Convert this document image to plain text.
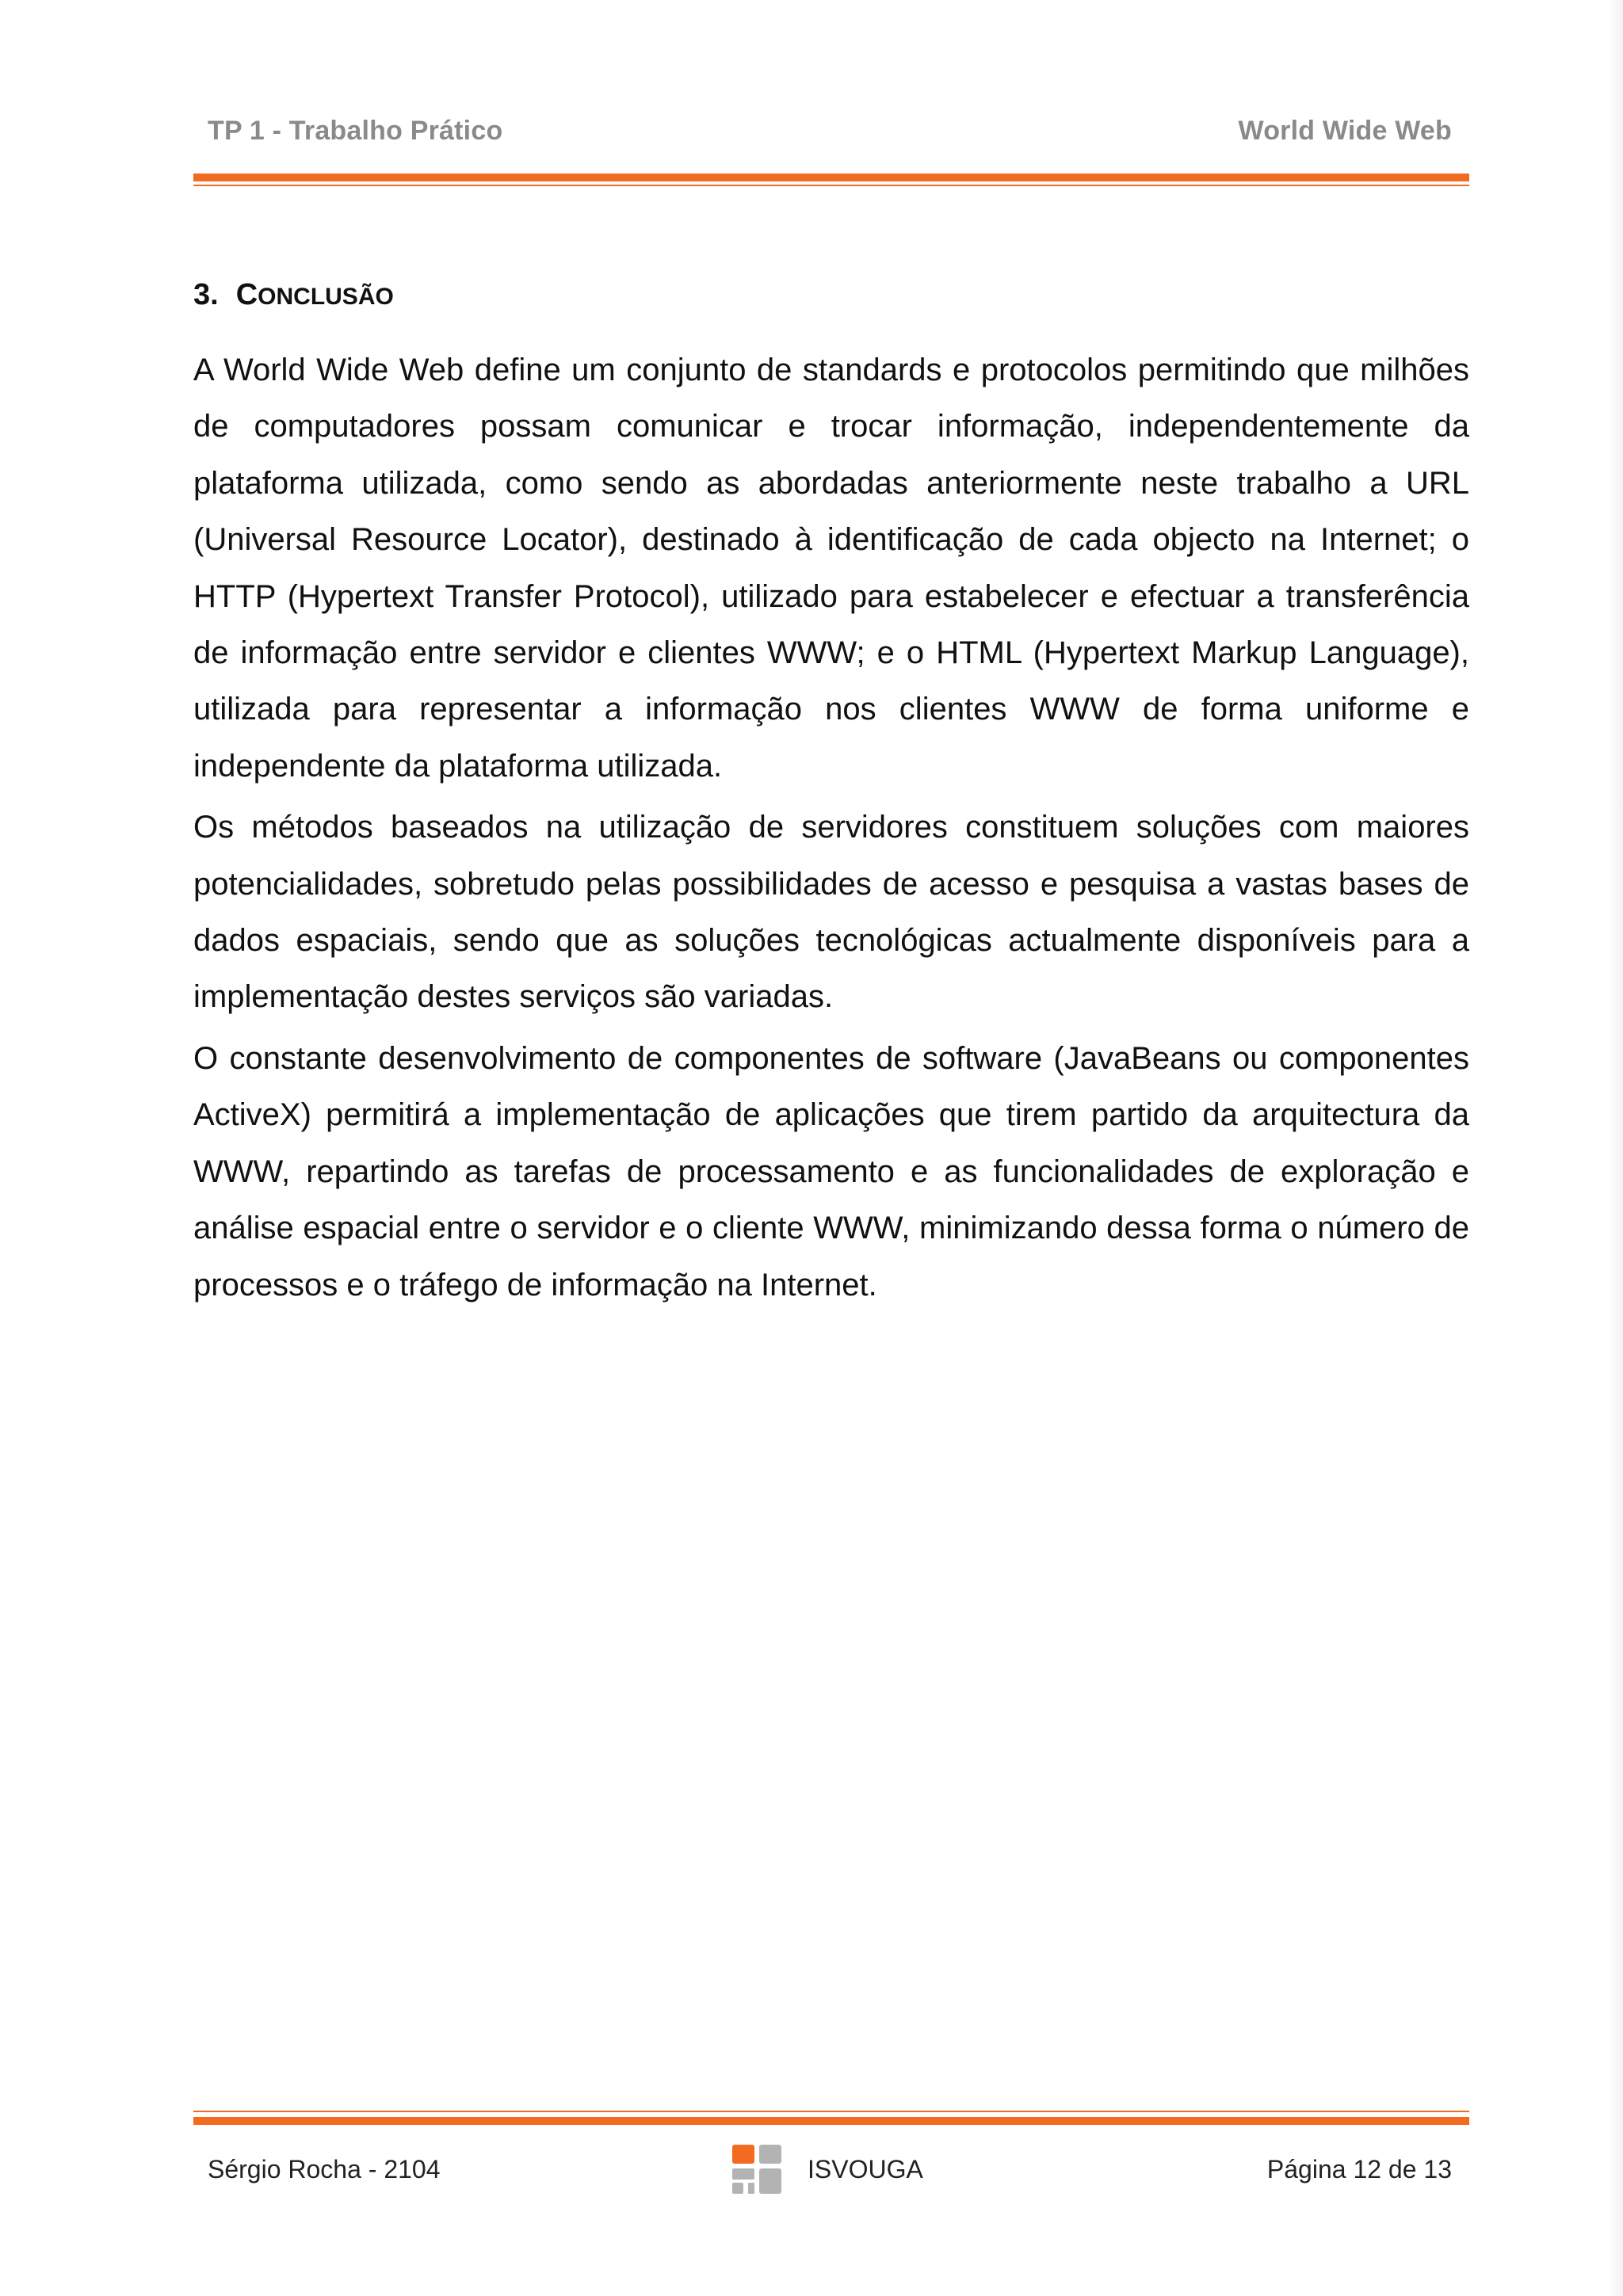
TP 1 - Trabalho Prático	World Wide Web
3. CONCLUSÃO

A World Wide Web define um conjunto de standards e protocolos permitindo que milhões de computadores possam comunicar e trocar informação, independentemente da plataforma utilizada, como sendo as abordadas anteriormente neste trabalho a URL (Universal Resource Locator), destinado à identificação de cada objecto na Internet; o HTTP (Hypertext Transfer Protocol), utilizado para estabelecer e efectuar a transferência de informação entre servidor e clientes WWW; e o HTML (Hypertext Markup Language), utilizada para representar a informação nos clientes WWW de forma uniforme e independente da plataforma utilizada.

Os métodos baseados na utilização de servidores constituem soluções com maiores potencialidades, sobretudo pelas possibilidades de acesso e pesquisa a vastas bases de dados espaciais, sendo que as soluções tecnológicas actualmente disponíveis para a implementação destes serviços são variadas.

O constante desenvolvimento de componentes de software (JavaBeans ou componentes ActiveX) permitirá a implementação de aplicações que tirem partido da arquitectura da WWW, repartindo as tarefas de processamento e as funcionalidades de exploração e análise espacial entre o servidor e o cliente WWW, minimizando dessa forma o número de processos e o tráfego de informação na Internet.

Sérgio Rocha - 2104	ISVOUGA	Página 12 de 13
